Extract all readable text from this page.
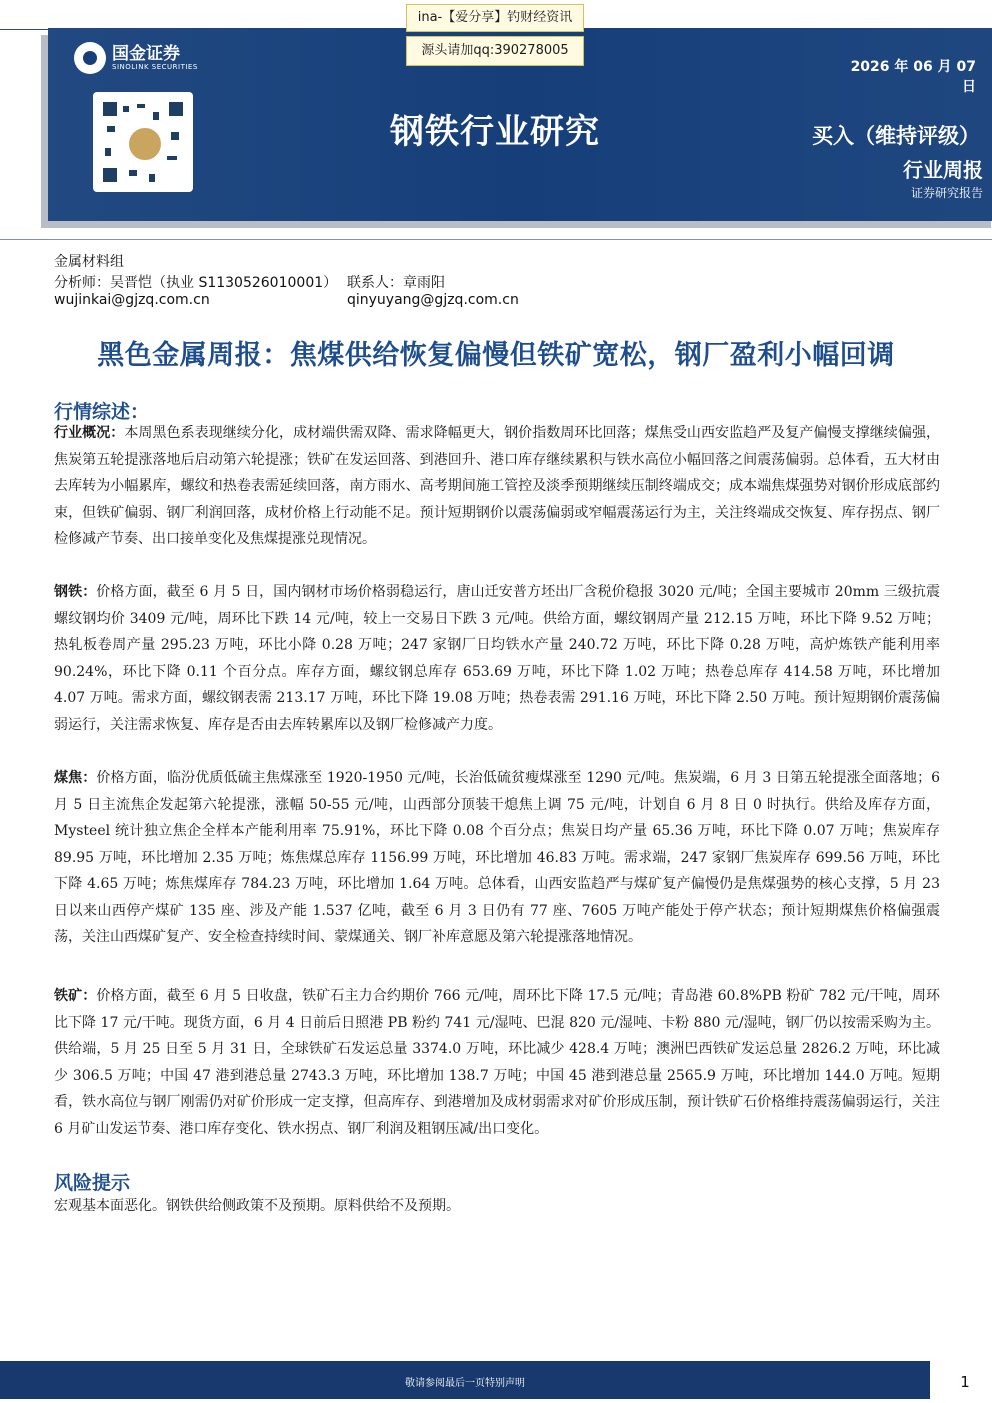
ina-【爱分享】钓财经资讯
源头请加qq:390278005
国金证券
SINOLINK SECURITIES	2026 年 06 月 07 日
钢铁行业研究	买入（维持评级）
行业周报
证券研究报告
金属材料组
分析师：吴晋恺（执业 S1130526010001） 联系人：章雨阳
wujinkai@gjzq.com.cn	qinyuyang@gjzq.com.cn
黑色金属周报：焦煤供给恢复偏慢但铁矿宽松，钢厂盈利小幅回调
行情综述：
行业概况：本周黑色系表现继续分化，成材端供需双降、需求降幅更大，钢价指数周环比回落；煤焦受山西安监趋严及复产偏慢支撑继续偏强，焦炭第五轮提涨落地后启动第六轮提涨；铁矿在发运回落、到港回升、港口库存继续累积与铁水高位小幅回落之间震荡偏弱。总体看，五大材由去库转为小幅累库，螺纹和热卷表需延续回落，南方雨水、高考期间施工管控及淡季预期继续压制终端成交；成本端焦煤强势对钢价形成底部约束，但铁矿偏弱、钢厂利润回落，成材价格上行动能不足。预计短期钢价以震荡偏弱或窄幅震荡运行为主，关注终端成交恢复、库存拐点、钢厂检修减产节奏、出口接单变化及焦煤提涨兑现情况。
钢铁：价格方面，截至 6 月 5 日，国内钢材市场价格弱稳运行，唐山迁安普方坯出厂含税价稳报 3020 元/吨；全国主要城市 20mm 三级抗震螺纹钢均价 3409 元/吨，周环比下跌 14 元/吨，较上一交易日下跌 3 元/吨。供给方面，螺纹钢周产量 212.15 万吨，环比下降 9.52 万吨；热轧板卷周产量 295.23 万吨，环比小降 0.28 万吨；247 家钢厂日均铁水产量 240.72 万吨，环比下降 0.28 万吨，高炉炼铁产能利用率 90.24%，环比下降 0.11 个百分点。库存方面，螺纹钢总库存 653.69 万吨，环比下降 1.02 万吨；热卷总库存 414.58 万吨，环比增加 4.07 万吨。需求方面，螺纹钢表需 213.17 万吨，环比下降 19.08 万吨；热卷表需 291.16 万吨，环比下降 2.50 万吨。预计短期钢价震荡偏弱运行，关注需求恢复、库存是否由去库转累库以及钢厂检修减产力度。
煤焦：价格方面，临汾优质低硫主焦煤涨至 1920-1950 元/吨，长治低硫贫瘦煤涨至 1290 元/吨。焦炭端，6 月 3 日第五轮提涨全面落地；6 月 5 日主流焦企发起第六轮提涨，涨幅 50-55 元/吨，山西部分顶装干熄焦上调 75 元/吨，计划自 6 月 8 日 0 时执行。供给及库存方面，Mysteel 统计独立焦企全样本产能利用率 75.91%，环比下降 0.08 个百分点；焦炭日均产量 65.36 万吨，环比下降 0.07 万吨；焦炭库存 89.95 万吨，环比增加 2.35 万吨；炼焦煤总库存 1156.99 万吨，环比增加 46.83 万吨。需求端，247 家钢厂焦炭库存 699.56 万吨，环比下降 4.65 万吨；炼焦煤库存 784.23 万吨，环比增加 1.64 万吨。总体看，山西安监趋严与煤矿复产偏慢仍是焦煤强势的核心支撑，5 月 23 日以来山西停产煤矿 135 座、涉及产能 1.537 亿吨，截至 6 月 3 日仍有 77 座、7605 万吨产能处于停产状态；预计短期煤焦价格偏强震荡，关注山西煤矿复产、安全检查持续时间、蒙煤通关、钢厂补库意愿及第六轮提涨落地情况。
铁矿：价格方面，截至 6 月 5 日收盘，铁矿石主力合约期价 766 元/吨，周环比下降 17.5 元/吨；青岛港 60.8%PB 粉矿 782 元/干吨，周环比下降 17 元/干吨。现货方面，6 月 4 日前后日照港 PB 粉约 741 元/湿吨、巴混 820 元/湿吨、卡粉 880 元/湿吨，钢厂仍以按需采购为主。供给端，5 月 25 日至 5 月 31 日，全球铁矿石发运总量 3374.0 万吨，环比减少 428.4 万吨；澳洲巴西铁矿发运总量 2826.2 万吨，环比减少 306.5 万吨；中国 47 港到港总量 2743.3 万吨，环比增加 138.7 万吨；中国 45 港到港总量 2565.9 万吨，环比增加 144.0 万吨。短期看，铁水高位与钢厂刚需仍对矿价形成一定支撑，但高库存、到港增加及成材弱需求对矿价形成压制，预计铁矿石价格维持震荡偏弱运行，关注 6 月矿山发运节奏、港口库存变化、铁水拐点、钢厂利润及粗钢压减/出口变化。
风险提示
宏观基本面恶化。钢铁供给侧政策不及预期。原料供给不及预期。
敬请参阅最后一页特别声明	1
